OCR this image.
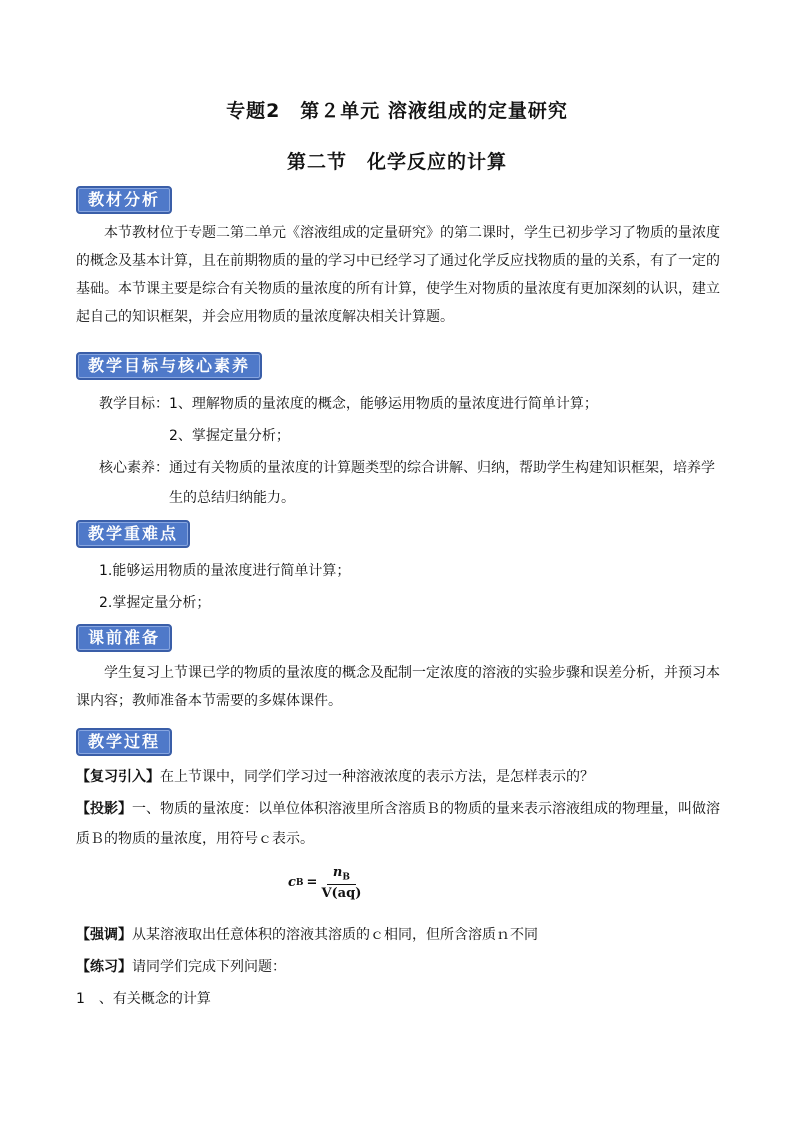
专题2　第２单元 溶液组成的定量研究
第二节　化学反应的计算
教材分析
本节教材位于专题二第二单元《溶液组成的定量研究》的第二课时，学生已初步学习了物质的量浓度的概念及基本计算，且在前期物质的量的学习中已经学习了通过化学反应找物质的量的关系，有了一定的基础。本节课主要是综合有关物质的量浓度的所有计算，使学生对物质的量浓度有更加深刻的认识，建立起自己的知识框架，并会应用物质的量浓度解决相关计算题。
教学目标与核心素养
教学目标：1、理解物质的量浓度的概念，能够运用物质的量浓度进行简单计算；
2、掌握定量分析；
核心素养：通过有关物质的量浓度的计算题类型的综合讲解、归纳，帮助学生构建知识框架，培养学
生的总结归纳能力。
教学重难点
1.能够运用物质的量浓度进行简单计算；
2.掌握定量分析；
课前准备
学生复习上节课已学的物质的量浓度的概念及配制一定浓度的溶液的实验步骤和误差分析，并预习本课内容；教师准备本节需要的多媒体课件。
教学过程
【复习引入】在上节课中，同学们学习过一种溶液浓度的表示方法，是怎样表示的？
【投影】一、物质的量浓度：以单位体积溶液里所含溶质Ｂ的物质的量来表示溶液组成的物理量，叫做溶
质Ｂ的物质的量浓度，用符号ｃ表示。
c $B = \frac{n_B}{V(aq)}$
【强调】从某溶液取出任意体积的溶液其溶质的ｃ相同，但所含溶质ｎ不同
【练习】请同学们完成下列问题：
1　、有关概念的计算
